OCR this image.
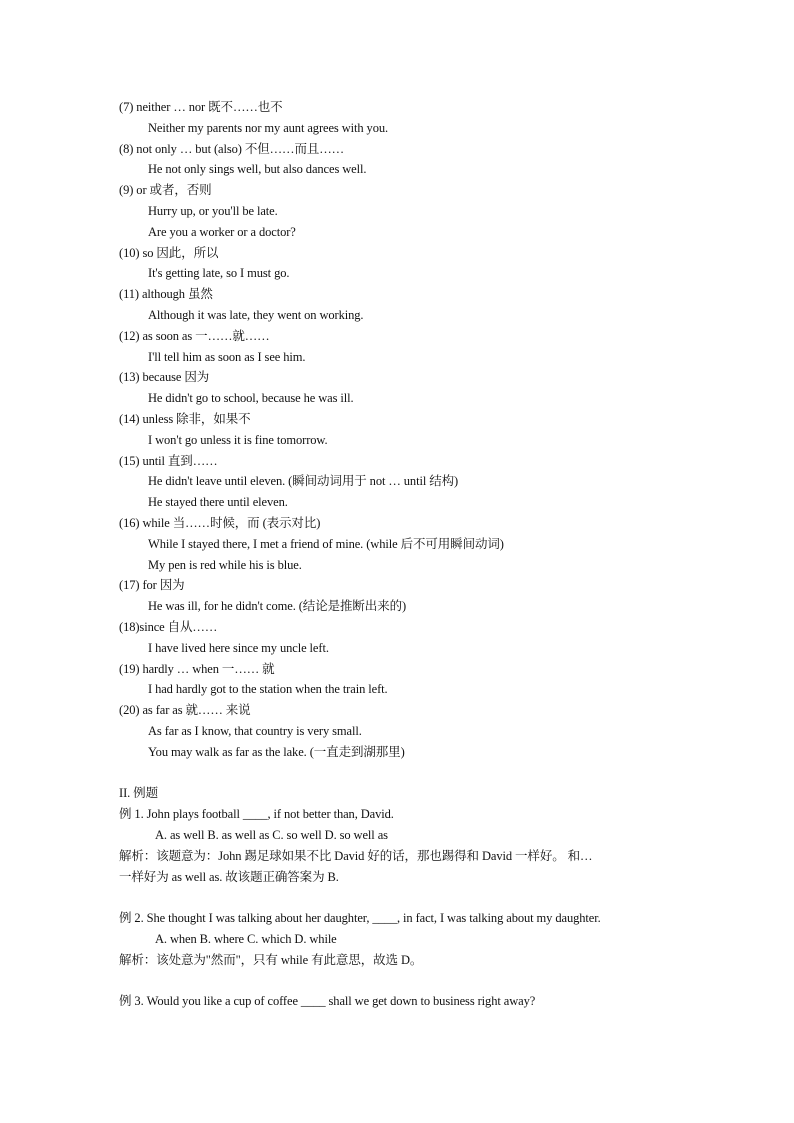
(7) neither … nor 既不……也不
Neither my parents nor my aunt agrees with you.
(8) not only … but (also) 不但……而且……
He not only sings well, but also dances well.
(9) or 或者，否则
Hurry up, or you'll be late.
Are you a worker or a doctor?
(10) so 因此，所以
It's getting late, so I must go.
(11) although 虽然
Although it was late, they went on working.
(12) as soon as 一……就……
I'll tell him as soon as I see him.
(13) because 因为
He didn't go to school, because he was ill.
(14) unless 除非，如果不
I won't go unless it is fine tomorrow.
(15) until 直到……
He didn't leave until eleven. (瞬间动词用于 not … until 结构)
He stayed there until eleven.
(16) while 当……时候，而 (表示对比)
While I stayed there, I met a friend of mine. (while 后不可用瞬间动词)
My pen is red while his is blue.
(17) for 因为
He was ill, for he didn't come. (结论是推断出来的)
(18)since 自从……
I have lived here since my uncle left.
(19) hardly … when 一…… 就
I had hardly got to the station when the train left.
(20) as far as 就…… 来说
As far as I know, that country is very small.
You may walk as far as the lake. (一直走到湖那里)
II. 例题
例 1. John plays football ____, if not better than, David.
A. as well B. as well as C. so well D. so well as
解析：该题意为：John 踢足球如果不比 David 好的话，那也踢得和 David 一样好。 和…
一样好为 as well as. 故该题正确答案为 B.
例 2. She thought I was talking about her daughter, ____, in fact, I was talking about my daughter.
A. when B. where C. which D. while
解析：该处意为"然而"，只有 while 有此意思，故选 D。
例 3. Would you like a cup of coffee ____ shall we get down to business right away?
